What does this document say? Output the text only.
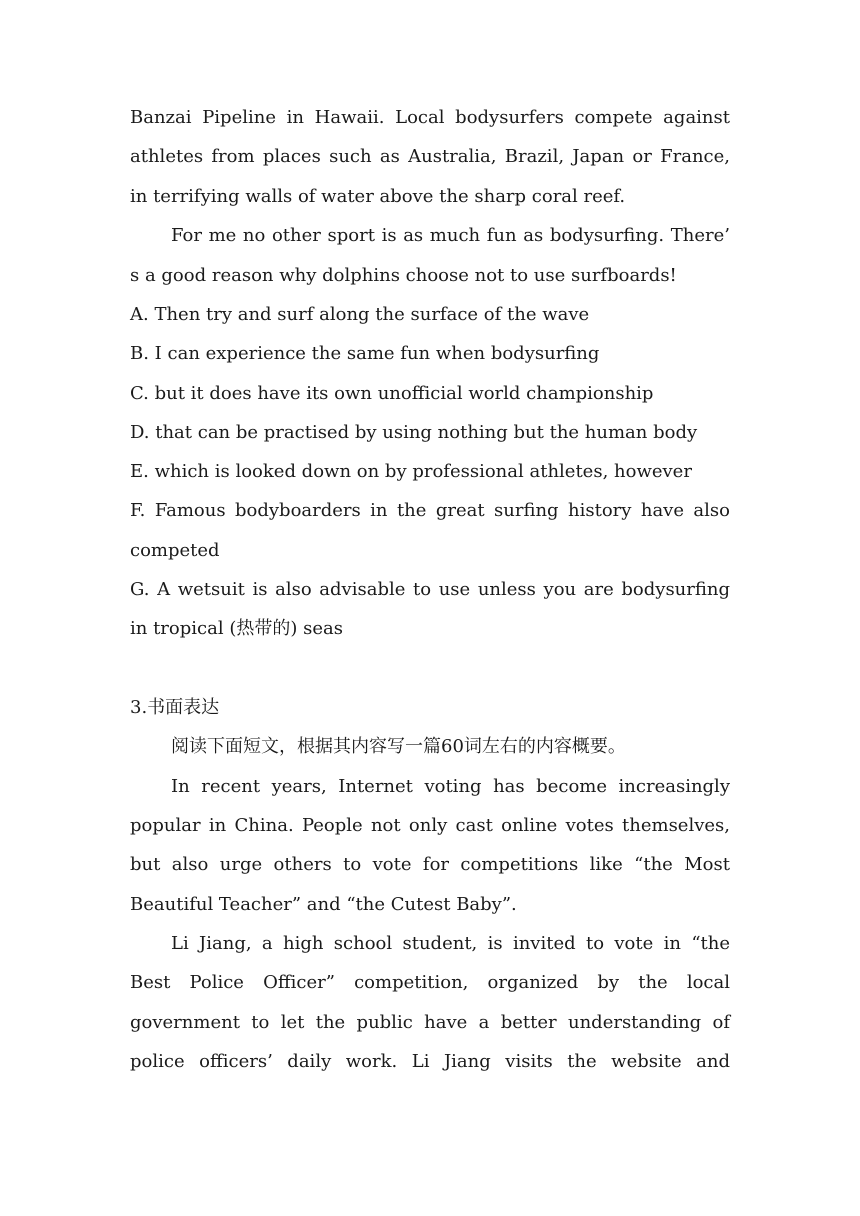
Banzai Pipeline in Hawaii. Local bodysurfers compete against
athletes from places such as Australia, Brazil, Japan or France,
in terrifying walls of water above the sharp coral reef.
For me no other sport is as much fun as bodysurfing. There’
s a good reason why dolphins choose not to use surfboards!
A. Then try and surf along the surface of the wave
B. I can experience the same fun when bodysurfing
C. but it does have its own unofficial world championship
D. that can be practised by using nothing but the human body
E. which is looked down on by professional athletes, however
F. Famous bodyboarders in the great surfing history have also
competed
G. A wetsuit is also advisable to use unless you are bodysurfing
in tropical (热带的) seas
3.书面表达
阅读下面短文，根据其内容写一篇60词左右的内容概要。
In recent years, Internet voting has become increasingly
popular in China. People not only cast online votes themselves,
but also urge others to vote for competitions like “the Most
Beautiful Teacher” and “the Cutest Baby”.
Li Jiang, a high school student, is invited to vote in “the
Best Police Officer” competition, organized by the local
government to let the public have a better understanding of
police officers’ daily work. Li Jiang visits the website and
